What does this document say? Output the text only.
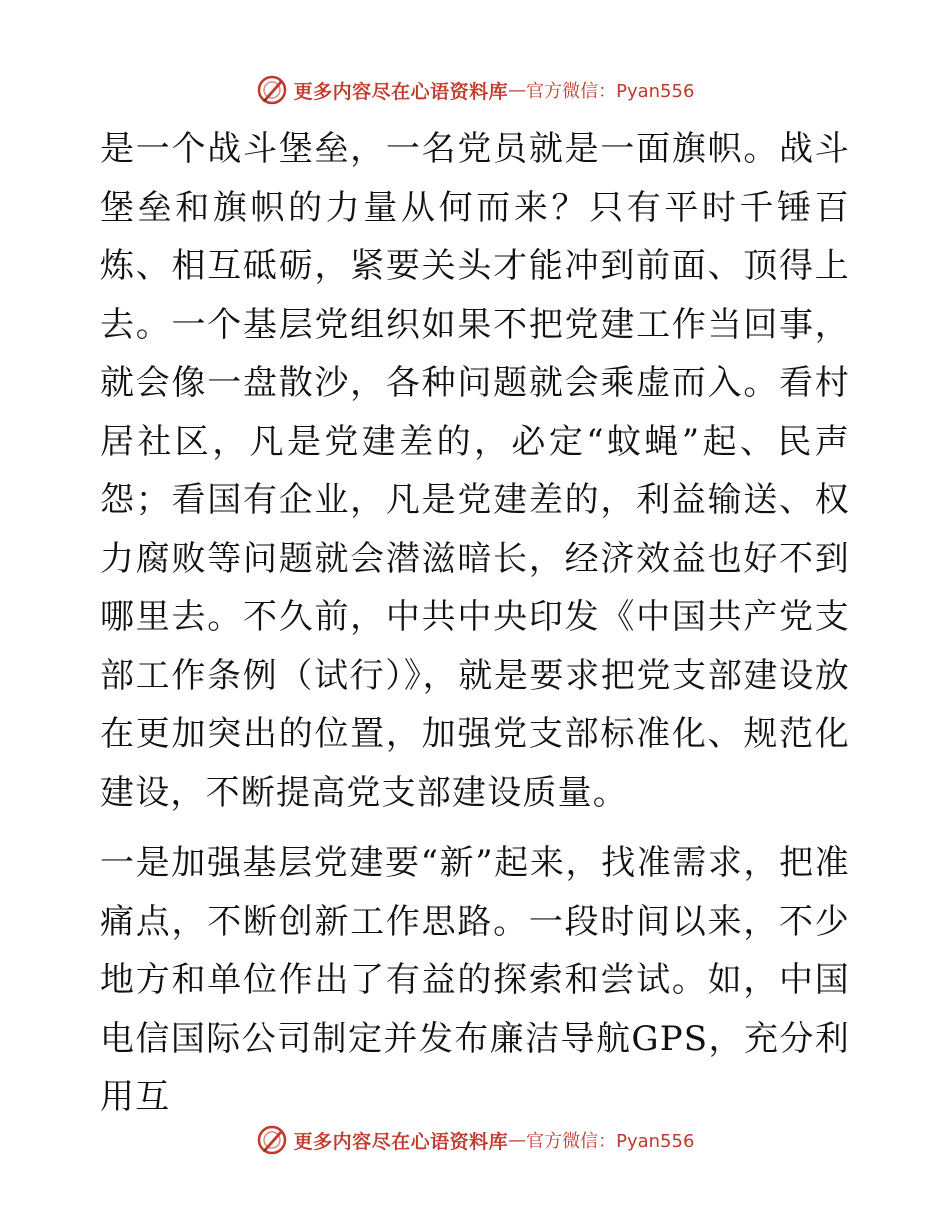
更多内容尽在心语资料库 — 官方微信：Pyan556

是一个战斗堡垒，一名党员就是一面旗帜。战斗堡垒和旗帜的力量从何而来？只有平时千锤百炼、相互砥砺，紧要关头才能冲到前面、顶得上去。一个基层党组织如果不把党建工作当回事，就会像一盘散沙，各种问题就会乘虚而入。看村居社区，凡是党建差的，必定“蚊蝇”起、民声怨；看国有企业，凡是党建差的，利益输送、权力腐败等问题就会潜滋暗长，经济效益也好不到哪里去。不久前，中共中央印发《中国共产党支部工作条例（试行）》，就是要求把党支部建设放在更加突出的位置，加强党支部标准化、规范化建设，不断提高党支部建设质量。

一是加强基层党建要“新”起来，找准需求，把准痛点，不断创新工作思路。一段时间以来，不少地方和单位作出了有益的探索和尝试。如，中国电信国际公司制定并发布廉洁导航GPS，充分利用互

更多内容尽在心语资料库 — 官方微信：Pyan556
